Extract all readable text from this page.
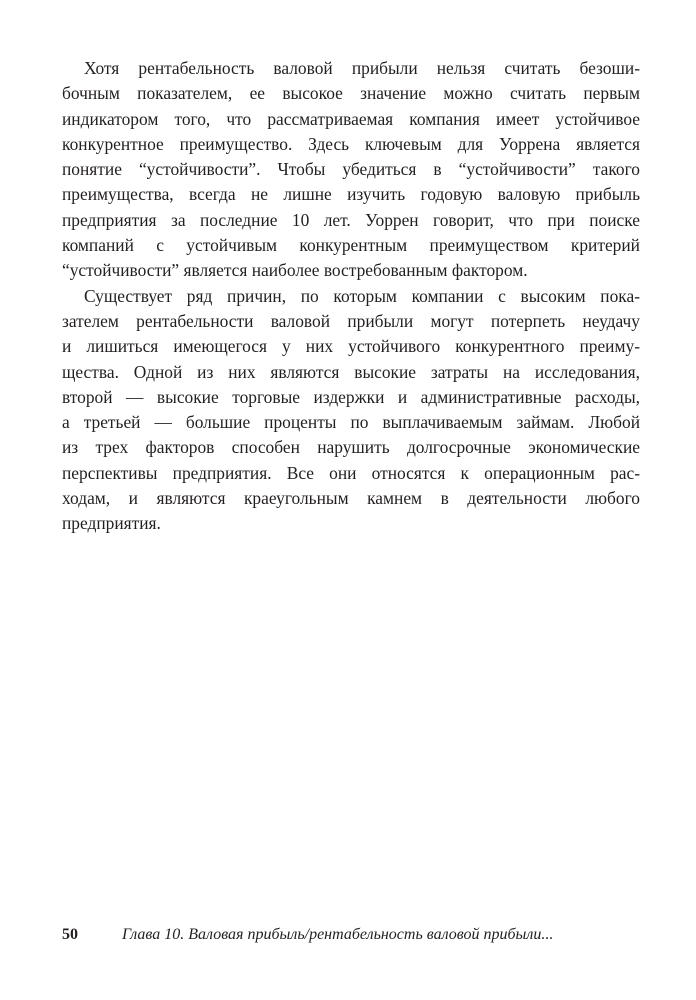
Хотя рентабельность валовой прибыли нельзя считать безоши-
бочным показателем, ее высокое значение можно считать первым
индикатором того, что рассматриваемая компания имеет устойчивое
конкурентное преимущество. Здесь ключевым для Уоррена является
понятие “устойчивости”. Чтобы убедиться в “устойчивости” такого
преимущества, всегда не лишне изучить годовую валовую прибыль
предприятия за последние 10 лет. Уоррен говорит, что при поиске
компаний с устойчивым конкурентным преимуществом критерий
“устойчивости” является наиболее востребованным фактором.
Существует ряд причин, по которым компании с высоким пока-
зателем рентабельности валовой прибыли могут потерпеть неудачу
и лишиться имеющегося у них устойчивого конкурентного преиму-
щества. Одной из них являются высокие затраты на исследования,
второй — высокие торговые издержки и административные расходы,
а третьей — большие проценты по выплачиваемым займам. Любой
из трех факторов способен нарушить долгосрочные экономические
перспективы предприятия. Все они относятся к операционным рас-
ходам, и являются краеугольным камнем в деятельности любого
предприятия.
50	Глава 10. Валовая прибыль/рентабельность валовой прибыли...
